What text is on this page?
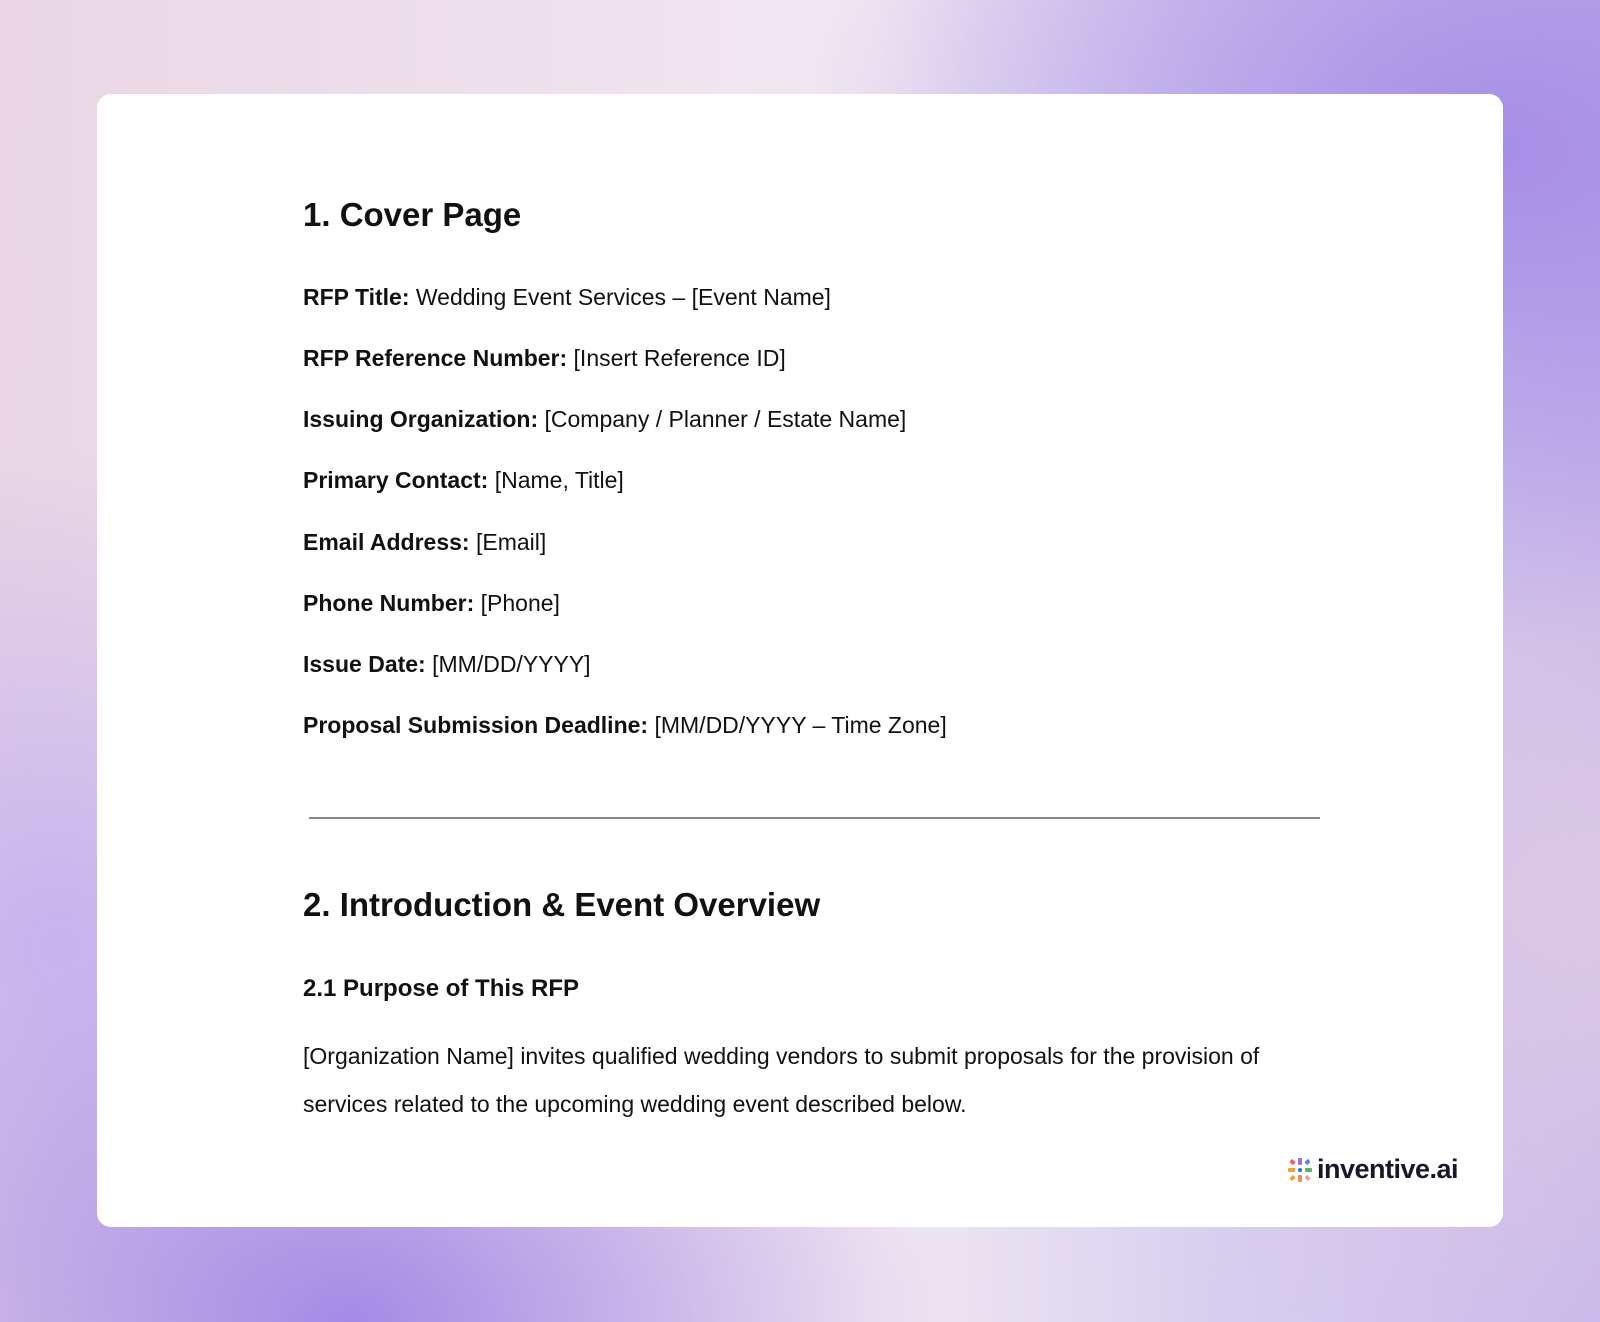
1. Cover Page
RFP Title: Wedding Event Services – [Event Name]
RFP Reference Number: [Insert Reference ID]
Issuing Organization: [Company / Planner / Estate Name]
Primary Contact: [Name, Title]
Email Address: [Email]
Phone Number: [Phone]
Issue Date: [MM/DD/YYYY]
Proposal Submission Deadline: [MM/DD/YYYY – Time Zone]
2. Introduction & Event Overview
2.1 Purpose of This RFP
[Organization Name] invites qualified wedding vendors to submit proposals for the provision of services related to the upcoming wedding event described below.
inventive.ai
